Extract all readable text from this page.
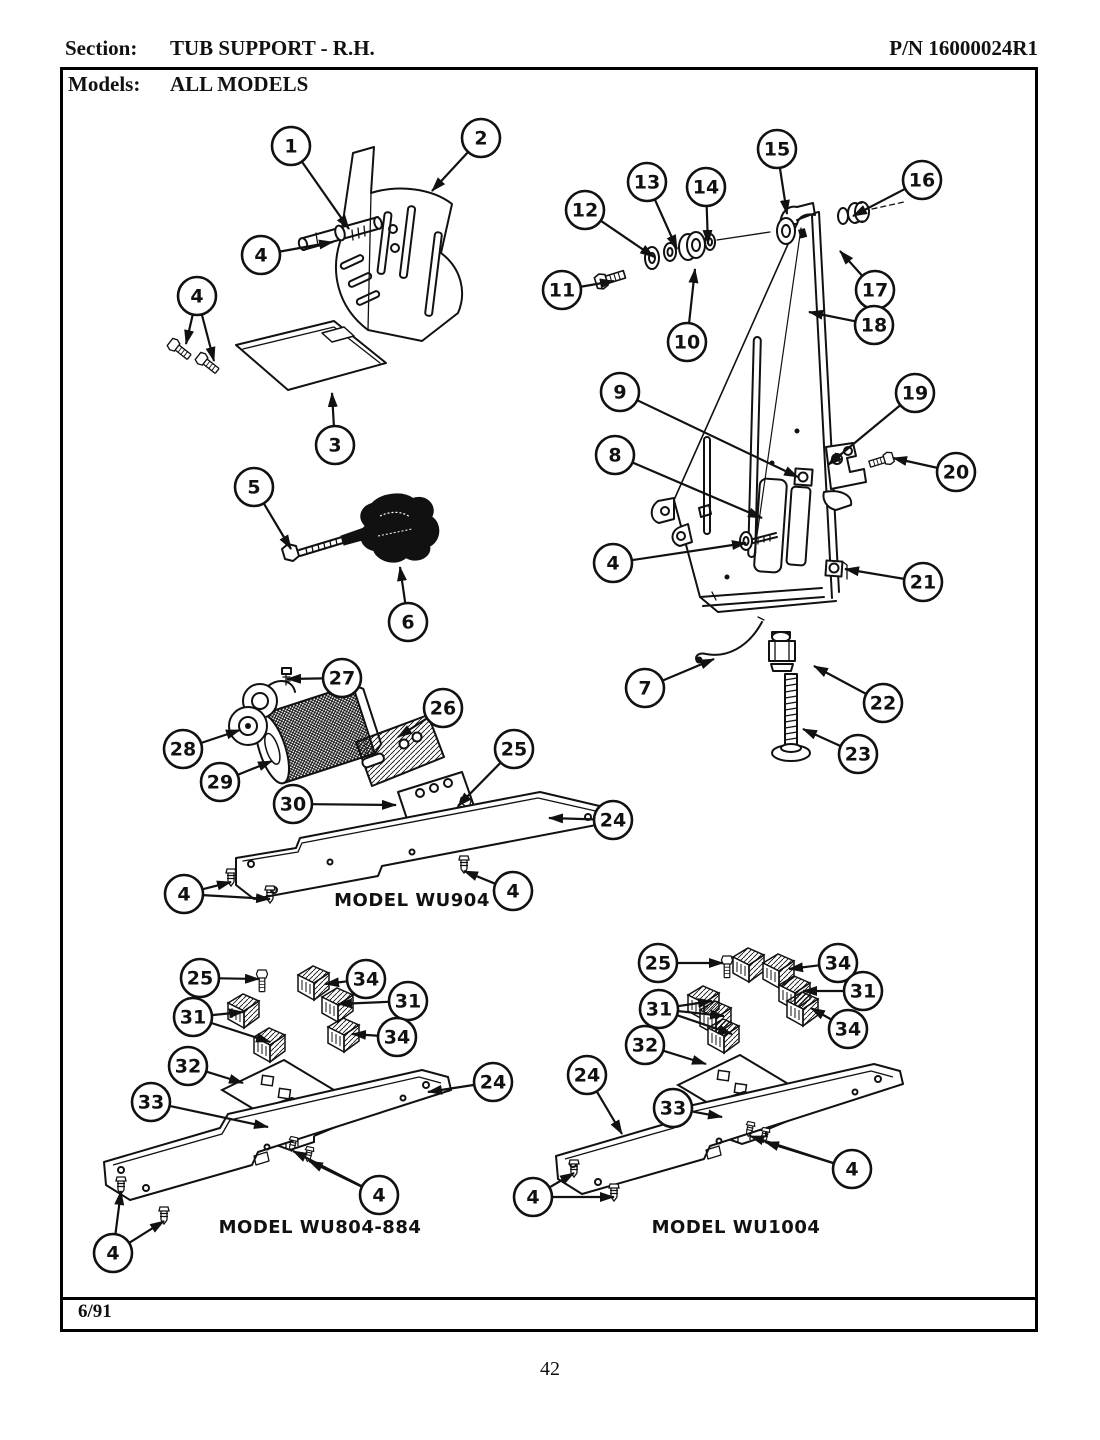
Section: TUB SUPPORT - R.H.	P/N 16000024R1
Models: ALL MODELS
6/91
42
MODEL WU904
MODEL WU804-884	MODEL WU1004
1	2
4
4
3
5
6
11
12
13 14
15
16
17
18
10
9	19
8
20
4
21
7
22
23
27
28
29
26
25
30
24
4	4
25	34
31
31
34
32
24
33
4
4
25	34
31
31
34
32
24
33
4
4
